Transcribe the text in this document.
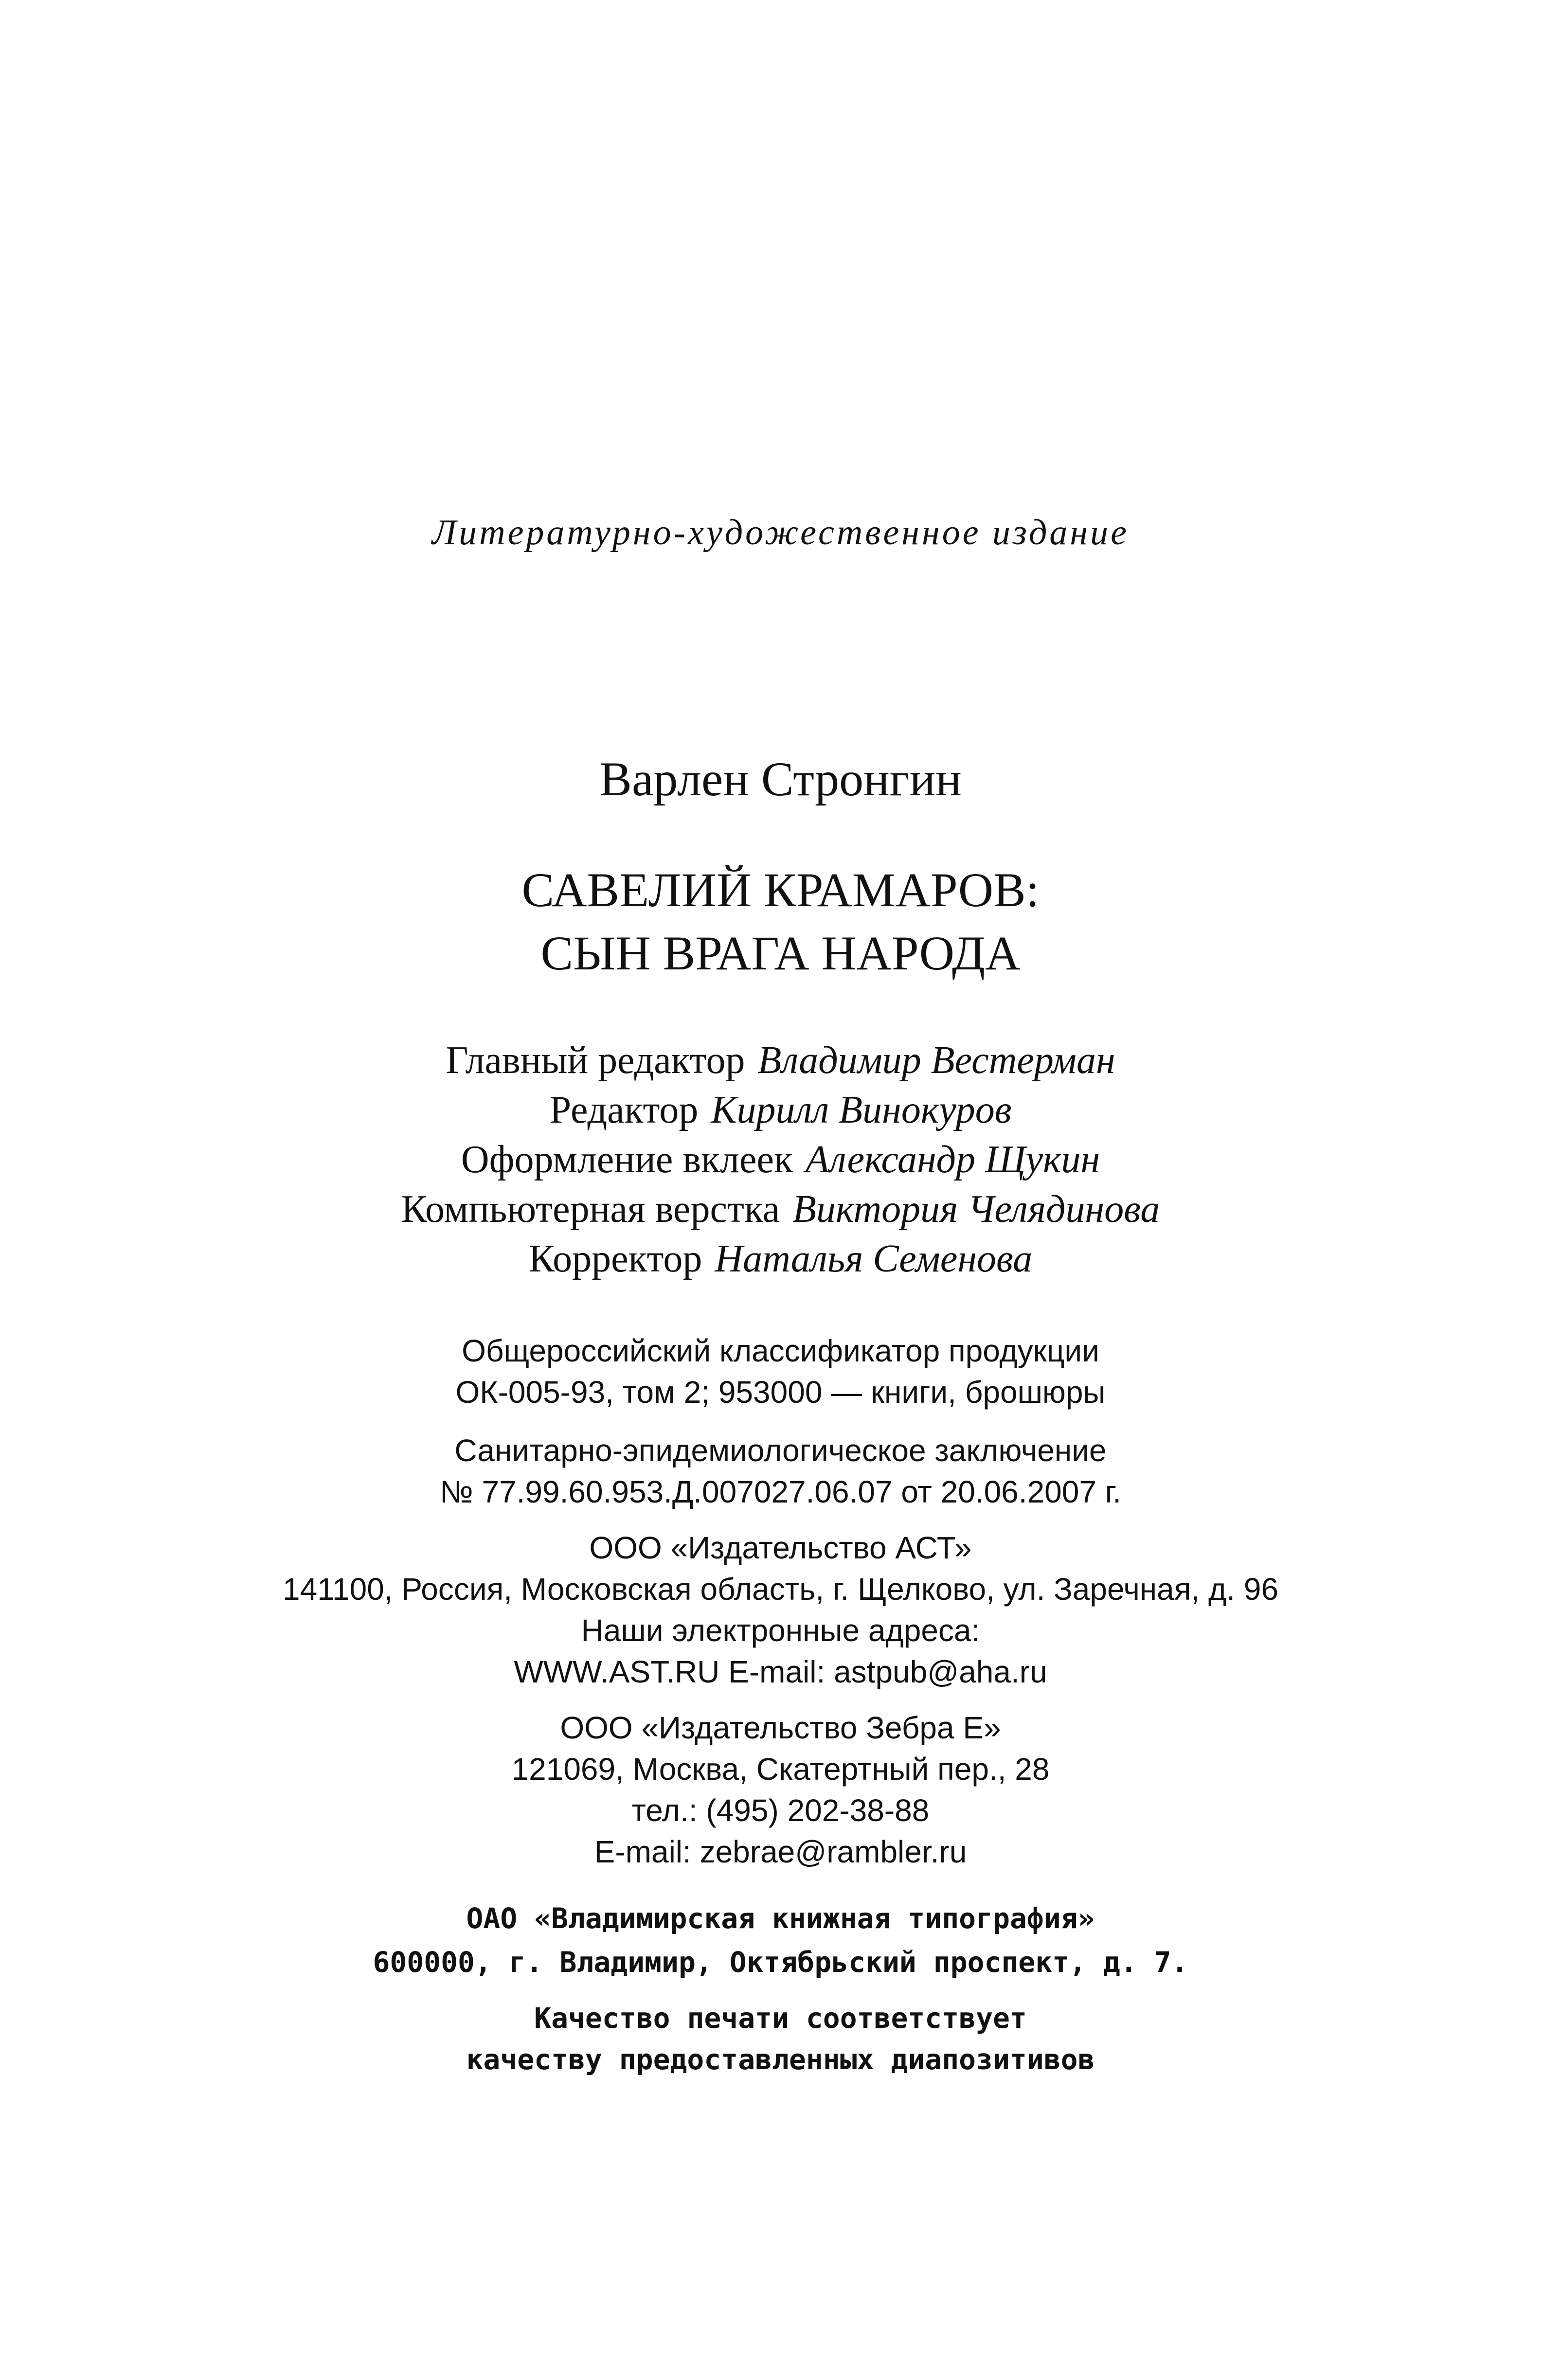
Литературно-художественное издание
Варлен Стронгин
САВЕЛИЙ КРАМАРОВ:
СЫН ВРАГА НАРОДА
Главный редактор Владимир Вестерман
Редактор Кирилл Винокуров
Оформление вклеек Александр Щукин
Компьютерная верстка Виктория Челядинова
Корректор Наталья Семенова
Общероссийский классификатор продукции
ОК-005-93, том 2; 953000 — книги, брошюры
Санитарно-эпидемиологическое заключение
№ 77.99.60.953.Д.007027.06.07 от 20.06.2007 г.
ООО «Издательство АСТ»
141100, Россия, Московская область, г. Щелково, ул. Заречная, д. 96
Наши электронные адреса:
WWW.AST.RU E-mail: astpub@aha.ru
ООО «Издательство Зебра Е»
121069, Москва, Скатертный пер., 28
тел.: (495) 202-38-88
E-mail: zebrae@rambler.ru
ОАО «Владимирская книжная типография»
600000, г. Владимир, Октябрьский проспект, д. 7.
Качество печати соответствует
качеству предоставленных диапозитивов
